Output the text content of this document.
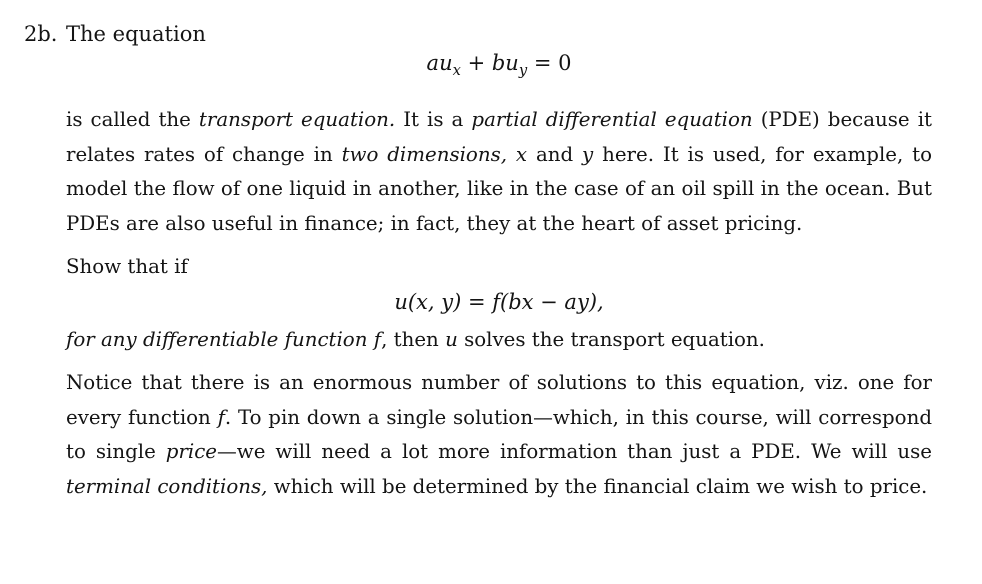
2b. The equation
$au_x + bu_y = 0$

is called the transport equation. It is a partial differential equation (PDE) because it relates rates of change in two dimensions, x and y here. It is used, for example, to model the flow of one liquid in another, like in the case of an oil spill in the ocean. But PDEs are also useful in finance; in fact, they at the heart of asset pricing.

Show that if

u(x, y) = f(bx − ay),

for any differentiable function f, then u solves the transport equation.

Notice that there is an enormous number of solutions to this equation, viz. one for every function f. To pin down a single solution—which, in this course, will correspond to single price—we will need a lot more information than just a PDE. We will use terminal conditions, which will be determined by the financial claim we wish to price.
